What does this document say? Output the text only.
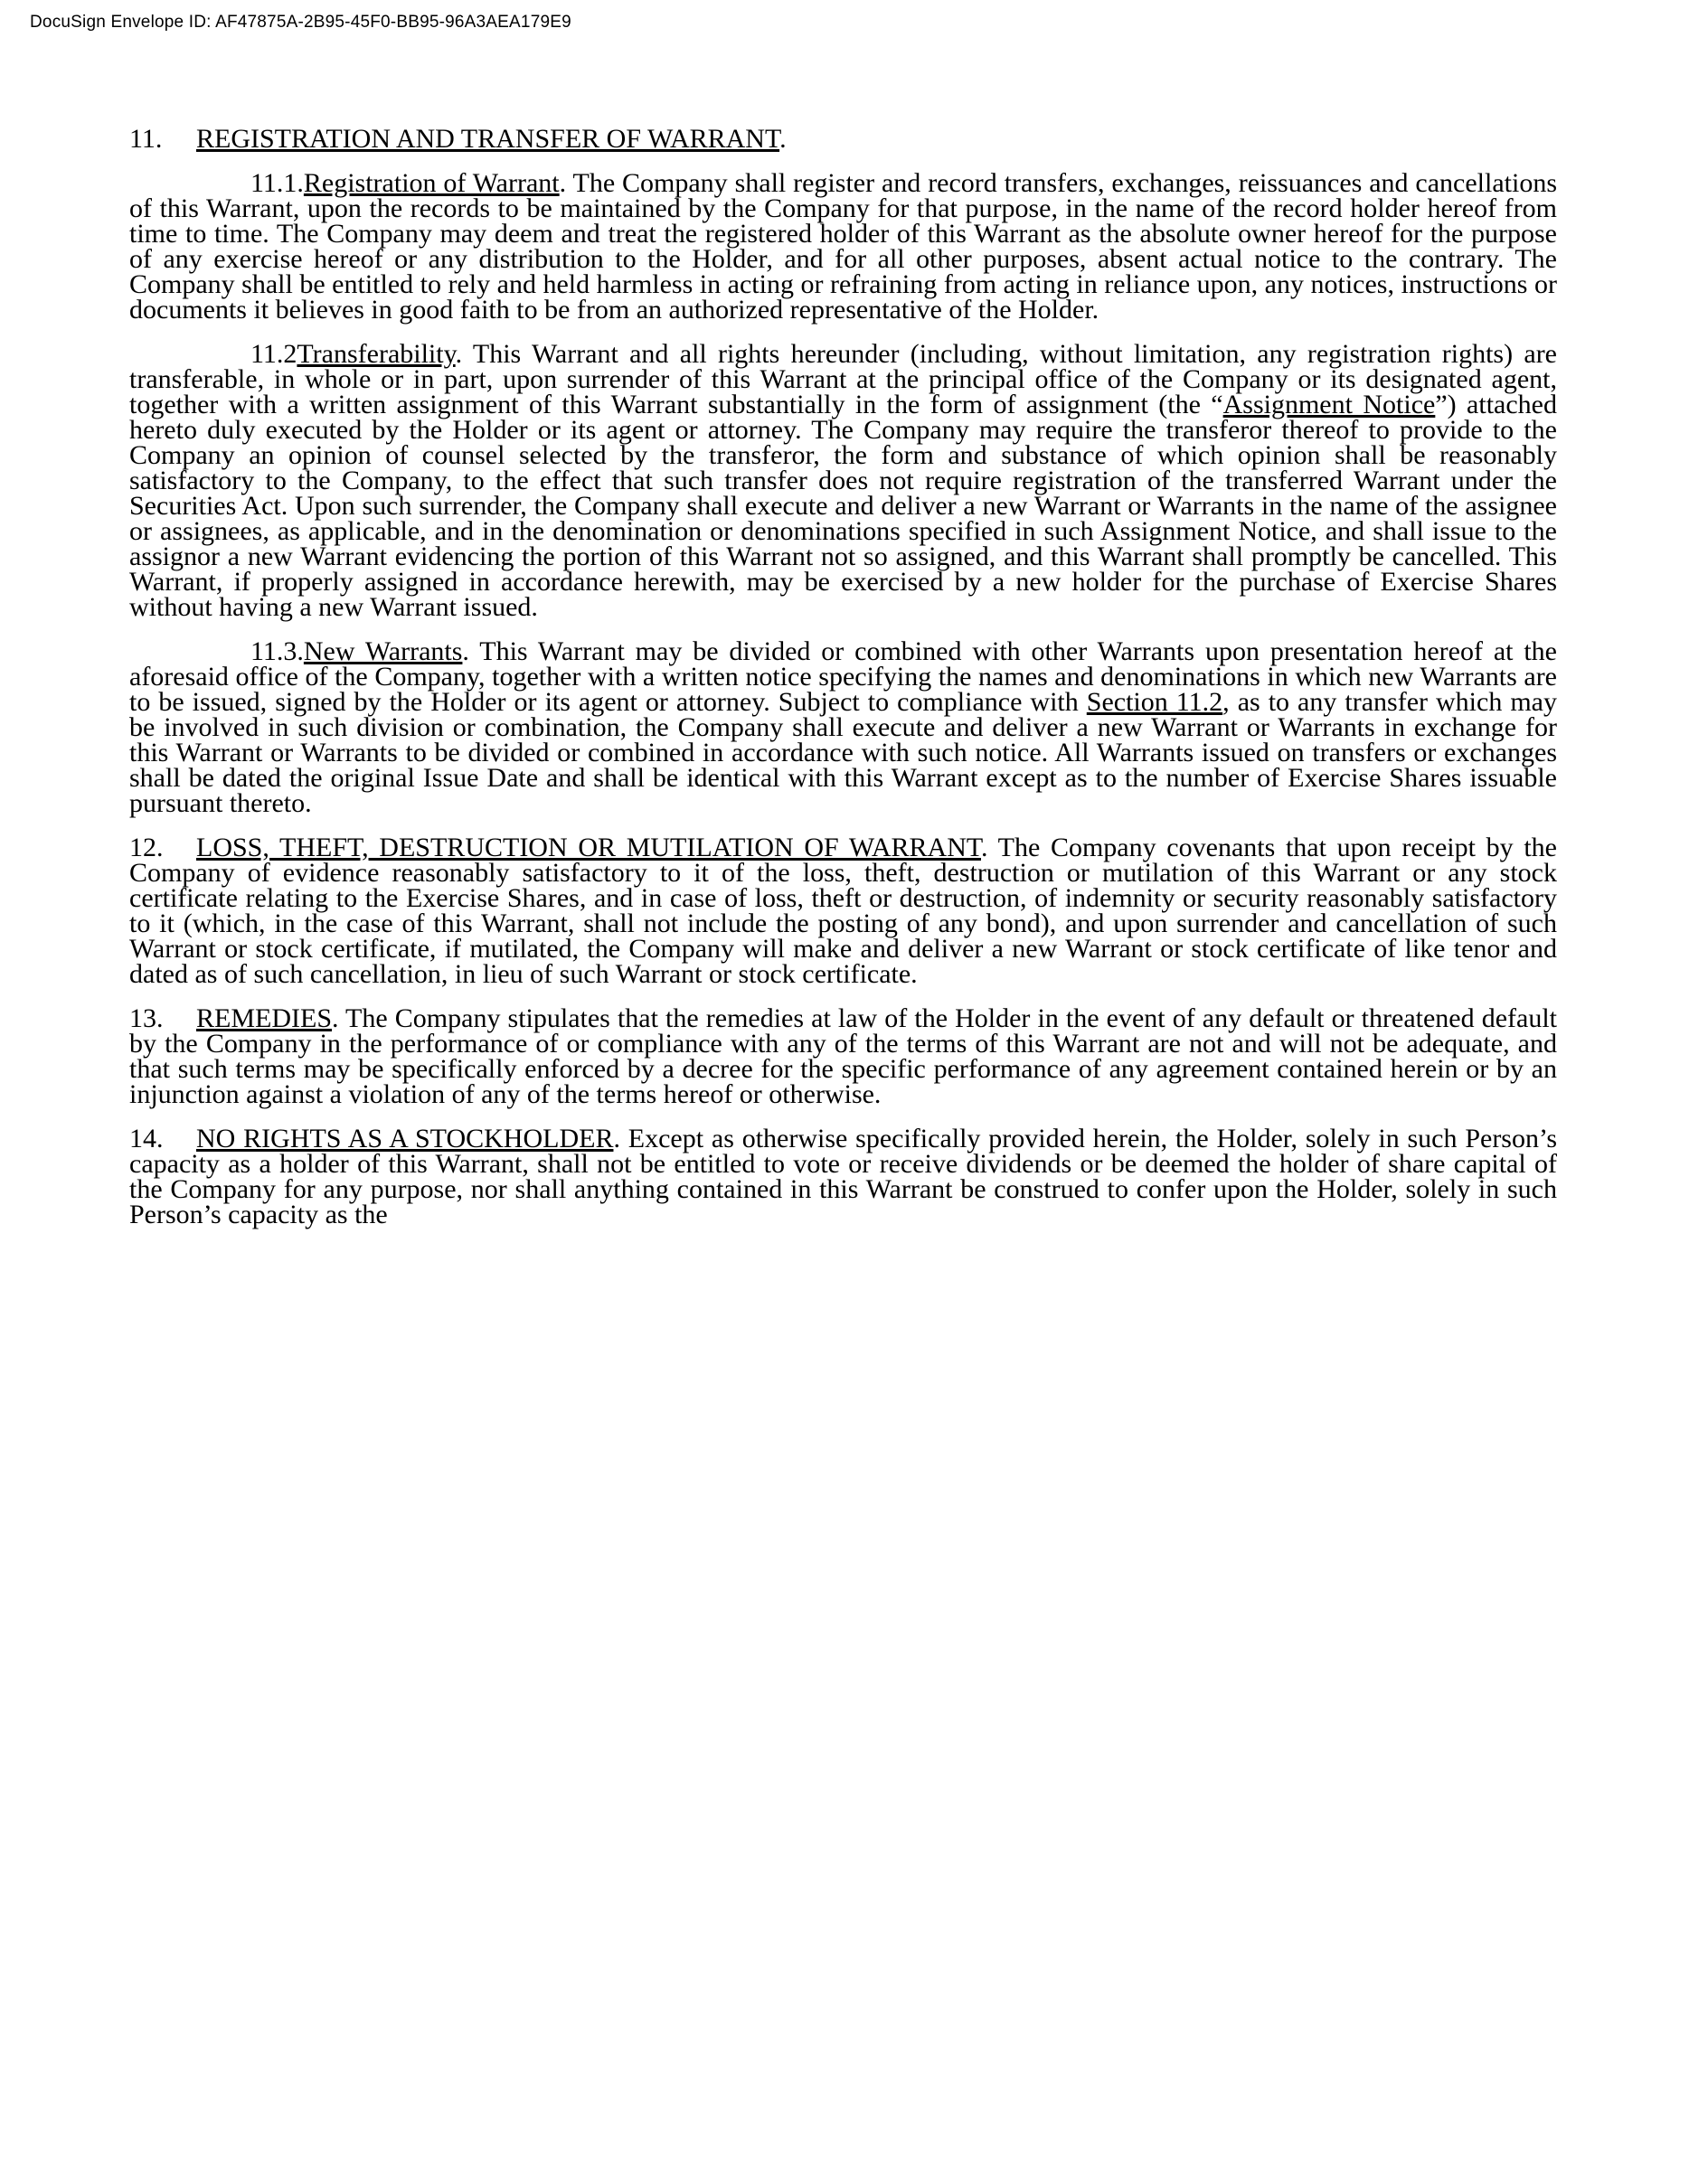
DocuSign Envelope ID: AF47875A-2B95-45F0-BB95-96A3AEA179E9

11. REGISTRATION AND TRANSFER OF WARRANT.

11.1.Registration of Warrant. The Company shall register and record transfers, exchanges, reissuances and cancellations of this Warrant, upon the records to be maintained by the Company for that purpose, in the name of the record holder hereof from time to time. The Company may deem and treat the registered holder of this Warrant as the absolute owner hereof for the purpose of any exercise hereof or any distribution to the Holder, and for all other purposes, absent actual notice to the contrary. The Company shall be entitled to rely and held harmless in acting or refraining from acting in reliance upon, any notices, instructions or documents it believes in good faith to be from an authorized representative of the Holder.

11.2Transferability. This Warrant and all rights hereunder (including, without limitation, any registration rights) are transferable, in whole or in part, upon surrender of this Warrant at the principal office of the Company or its designated agent, together with a written assignment of this Warrant substantially in the form of assignment (the “Assignment Notice”) attached hereto duly executed by the Holder or its agent or attorney. The Company may require the transferor thereof to provide to the Company an opinion of counsel selected by the transferor, the form and substance of which opinion shall be reasonably satisfactory to the Company, to the effect that such transfer does not require registration of the transferred Warrant under the Securities Act. Upon such surrender, the Company shall execute and deliver a new Warrant or Warrants in the name of the assignee or assignees, as applicable, and in the denomination or denominations specified in such Assignment Notice, and shall issue to the assignor a new Warrant evidencing the portion of this Warrant not so assigned, and this Warrant shall promptly be cancelled. This Warrant, if properly assigned in accordance herewith, may be exercised by a new holder for the purchase of Exercise Shares without having a new Warrant issued.

11.3.New Warrants. This Warrant may be divided or combined with other Warrants upon presentation hereof at the aforesaid office of the Company, together with a written notice specifying the names and denominations in which new Warrants are to be issued, signed by the Holder or its agent or attorney. Subject to compliance with Section 11.2, as to any transfer which may be involved in such division or combination, the Company shall execute and deliver a new Warrant or Warrants in exchange for this Warrant or Warrants to be divided or combined in accordance with such notice. All Warrants issued on transfers or exchanges shall be dated the original Issue Date and shall be identical with this Warrant except as to the number of Exercise Shares issuable pursuant thereto.

12. LOSS, THEFT, DESTRUCTION OR MUTILATION OF WARRANT. The Company covenants that upon receipt by the Company of evidence reasonably satisfactory to it of the loss, theft, destruction or mutilation of this Warrant or any stock certificate relating to the Exercise Shares, and in case of loss, theft or destruction, of indemnity or security reasonably satisfactory to it (which, in the case of this Warrant, shall not include the posting of any bond), and upon surrender and cancellation of such Warrant or stock certificate, if mutilated, the Company will make and deliver a new Warrant or stock certificate of like tenor and dated as of such cancellation, in lieu of such Warrant or stock certificate.

13. REMEDIES. The Company stipulates that the remedies at law of the Holder in the event of any default or threatened default by the Company in the performance of or compliance with any of the terms of this Warrant are not and will not be adequate, and that such terms may be specifically enforced by a decree for the specific performance of any agreement contained herein or by an injunction against a violation of any of the terms hereof or otherwise.

14. NO RIGHTS AS A STOCKHOLDER. Except as otherwise specifically provided herein, the Holder, solely in such Person’s capacity as a holder of this Warrant, shall not be entitled to vote or receive dividends or be deemed the holder of share capital of the Company for any purpose, nor shall anything contained in this Warrant be construed to confer upon the Holder, solely in such Person’s capacity as the
